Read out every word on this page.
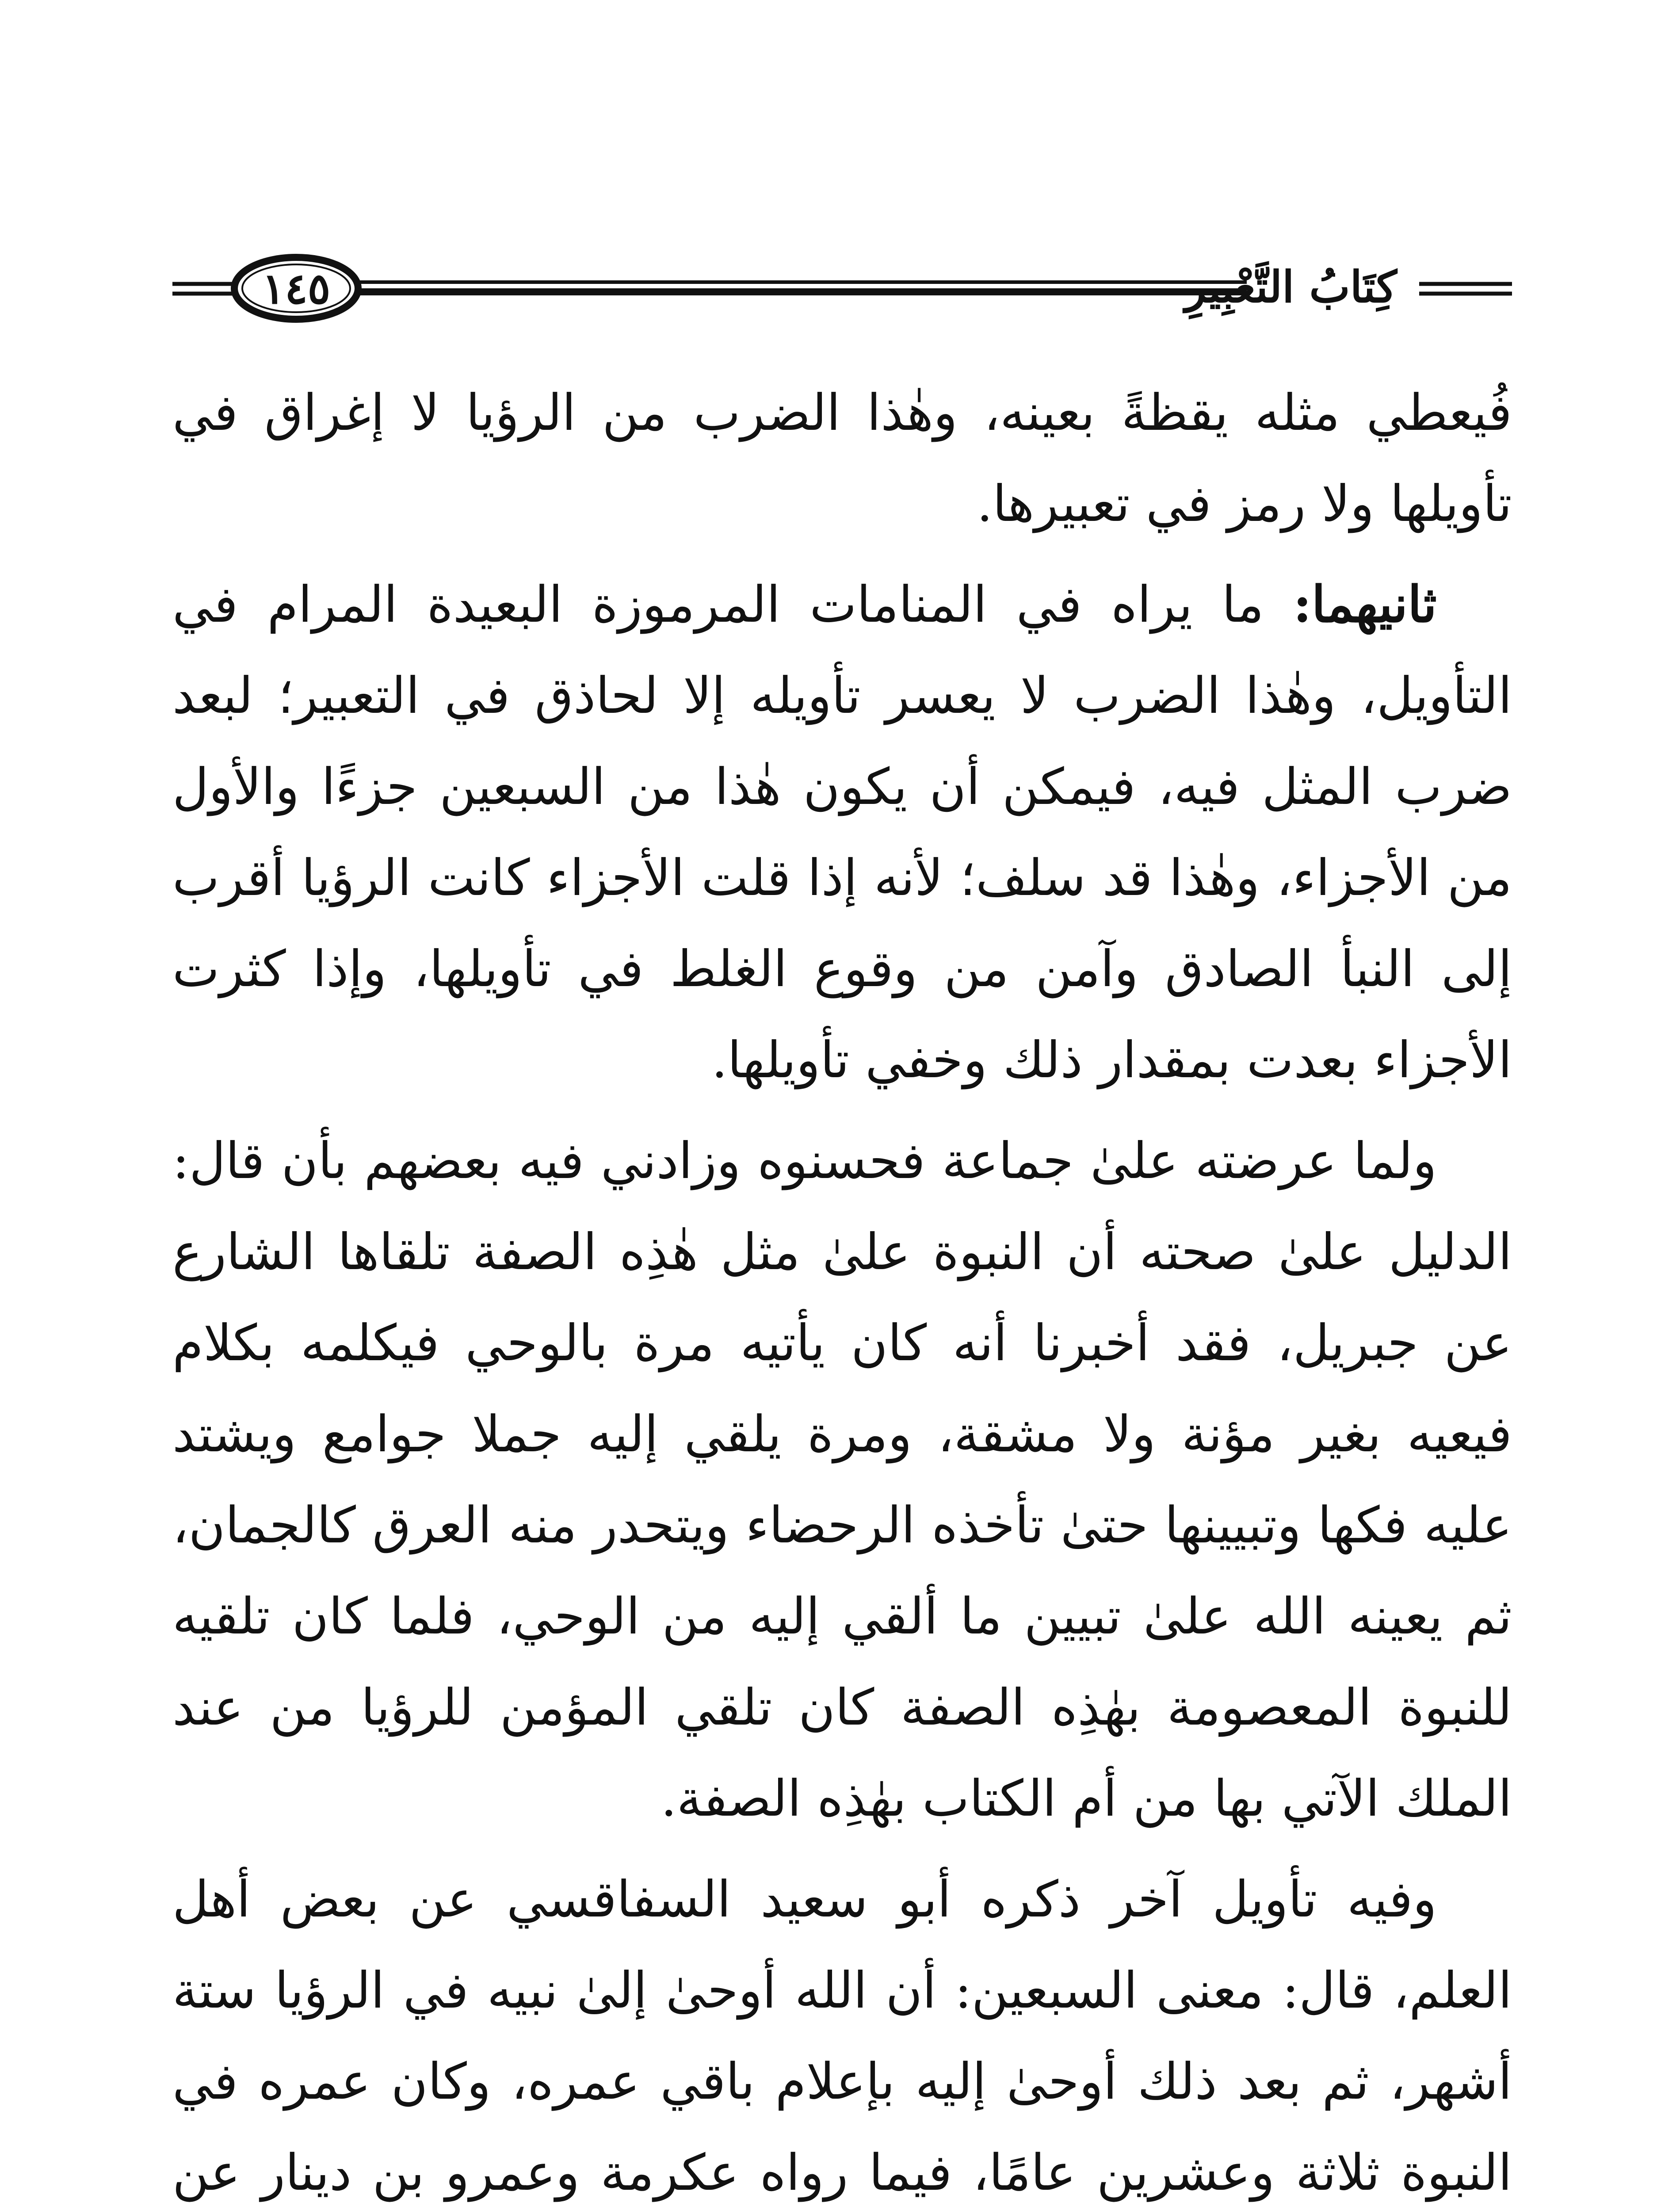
١٤٥	كِتَابُ التَّعْبِيرِ

فُيعطي مثله يقظةً بعينه، وهٰذا الضرب من الرؤيا لا إغراق في تأويلها ولا رمز في تعبيرها.

ثانيهما: ما يراه في المنامات المرموزة البعيدة المرام في التأويل، وهٰذا الضرب لا يعسر تأويله إلا لحاذق في التعبير؛ لبعد ضرب المثل فيه، فيمكن أن يكون هٰذا من السبعين جزءًا والأول من الأجزاء، وهٰذا قد سلف؛ لأنه إذا قلت الأجزاء كانت الرؤيا أقرب إلى النبأ الصادق وآمن من وقوع الغلط في تأويلها، وإذا كثرت الأجزاء بعدت بمقدار ذلك وخفي تأويلها.

ولما عرضته علىٰ جماعة فحسنوه وزادني فيه بعضهم بأن قال: الدليل علىٰ صحته أن النبوة علىٰ مثل هٰذِه الصفة تلقاها الشارع عن جبريل، فقد أخبرنا أنه كان يأتيه مرة بالوحي فيكلمه بكلام فيعيه بغير مؤنة ولا مشقة، ومرة يلقي إليه جملا جوامع ويشتد عليه فكها وتبيينها حتىٰ تأخذه الرحضاء ويتحدر منه العرق كالجمان، ثم يعينه الله علىٰ تبيين ما ألقي إليه من الوحي، فلما كان تلقيه للنبوة المعصومة بهٰذِه الصفة كان تلقي المؤمن للرؤيا من عند الملك الآتي بها من أم الكتاب بهٰذِه الصفة.

وفيه تأويل آخر ذكره أبو سعيد السفاقسي عن بعض أهل العلم، قال: معنى السبعين: أن الله أوحىٰ إلىٰ نبيه في الرؤيا ستة أشهر، ثم بعد ذلك أوحىٰ إليه بإعلام باقي عمره، وكان عمره في النبوة ثلاثة وعشرين عامًا، فيما رواه عكرمة وعمرو بن دينار عن
